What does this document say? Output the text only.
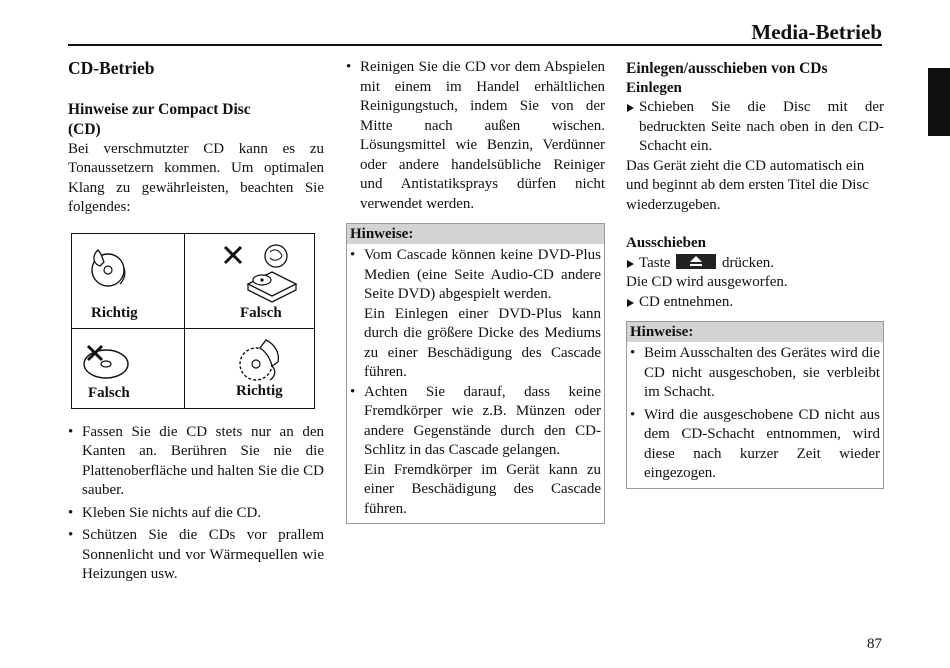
Media-Betrieb
CD-Betrieb
Hinweise zur Compact Disc
(CD)

Bei verschmutzter CD kann es zu Tonaussetzern kommen. Um optimalen Klang zu gewährleisten, beachten Sie folgendes:

Richtig	Falsch
Falsch	Richtig
• Fassen Sie die CD stets nur an den Kanten an. Berühren Sie nie die Plattenoberfläche und halten Sie die CD sauber.
• Kleben Sie nichts auf die CD.
• Schützen Sie die CDs vor prallem Sonnenlicht und vor Wärmequellen wie Heizungen usw.
• Reinigen Sie die CD vor dem Abspielen mit einem im Handel erhältlichen Reinigungstuch, indem Sie von der Mitte nach außen wischen. Lösungsmittel wie Benzin, Verdünner oder andere handelsübliche Reiniger und Antistatiksprays dürfen nicht verwendet werden.
Hinweise:
• Vom Cascade können keine DVD-Plus Medien (eine Seite Audio-CD andere Seite DVD) abgespielt werden.

Ein Einlegen einer DVD-Plus kann durch die größere Dicke des Mediums zu einer Beschädigung des Cascade führen.

• Achten Sie darauf, dass keine Fremdkörper wie z.B. Münzen oder andere Gegenstände durch den CD-Schlitz in das Cascade gelangen.

Ein Fremdkörper im Gerät kann zu einer Beschädigung des Cascade führen.

Einlegen/ausschieben von CDs
Einlegen
Schieben Sie die Disc mit der bedruckten Seite nach oben in den CD-Schacht ein.

Das Gerät zieht die CD automatisch ein und beginnt ab dem ersten Titel die Disc wiederzugeben.

Ausschieben
Taste	drücken.

Die CD wird ausgeworfen.

CD entnehmen.
Hinweise:
• Beim Ausschalten des Gerätes wird die CD nicht ausgeschoben, sie verbleibt im Schacht.
• Wird die ausgeschobene CD nicht aus dem CD-Schacht entnommen, wird diese nach kurzer Zeit wieder eingezogen.
87
